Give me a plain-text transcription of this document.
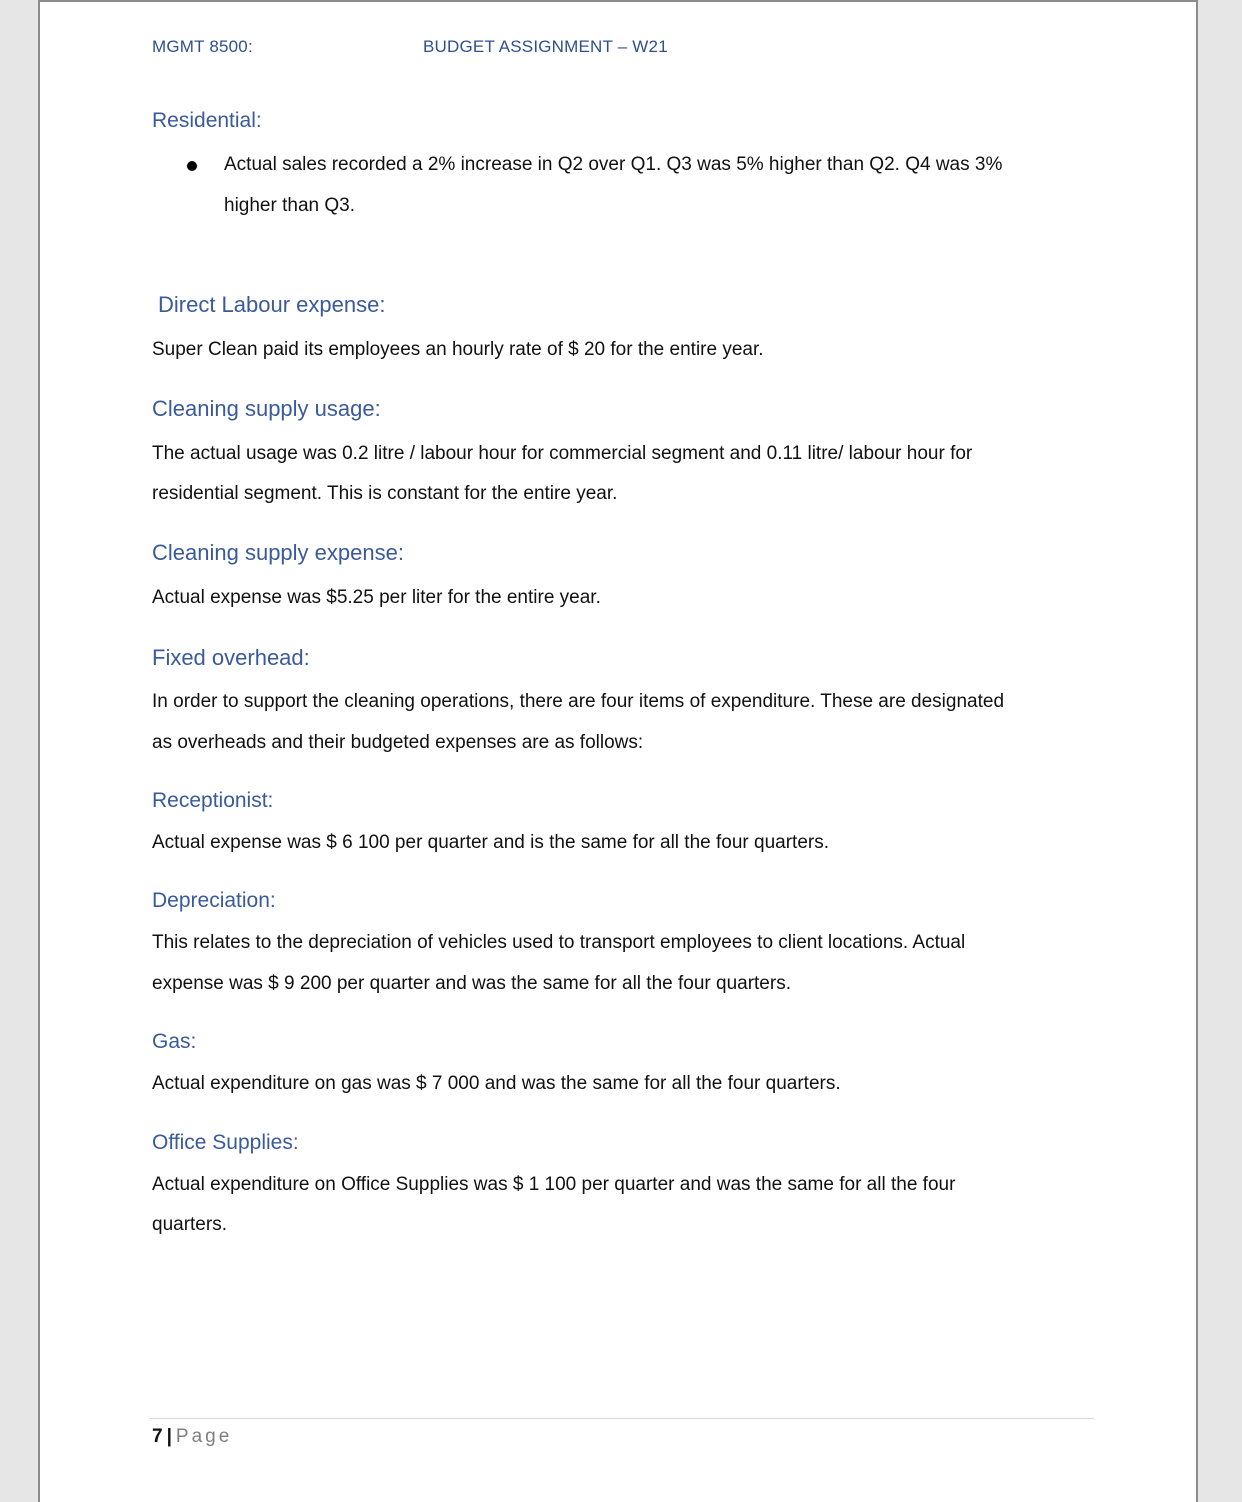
MGMT 8500:	BUDGET ASSIGNMENT – W21
Residential:
Actual sales recorded a 2% increase in Q2 over Q1. Q3 was 5% higher than Q2. Q4 was 3%
higher than Q3.
Direct Labour expense:
Super Clean paid its employees an hourly rate of $ 20 for the entire year.
Cleaning supply usage:
The actual usage was 0.2 litre / labour hour for commercial segment and 0.11 litre/ labour hour for
residential segment. This is constant for the entire year.
Cleaning supply expense:
Actual expense was $5.25 per liter for the entire year.
Fixed overhead:
In order to support the cleaning operations, there are four items of expenditure. These are designated
as overheads and their budgeted expenses are as follows:
Receptionist:
Actual expense was $ 6 100 per quarter and is the same for all the four quarters.
Depreciation:
This relates to the depreciation of vehicles used to transport employees to client locations. Actual
expense was $ 9 200 per quarter and was the same for all the four quarters.
Gas:
Actual expenditure on gas was $ 7 000 and was the same for all the four quarters.
Office Supplies:
Actual expenditure on Office Supplies was $ 1 100 per quarter and was the same for all the four
quarters.
7 | Page
